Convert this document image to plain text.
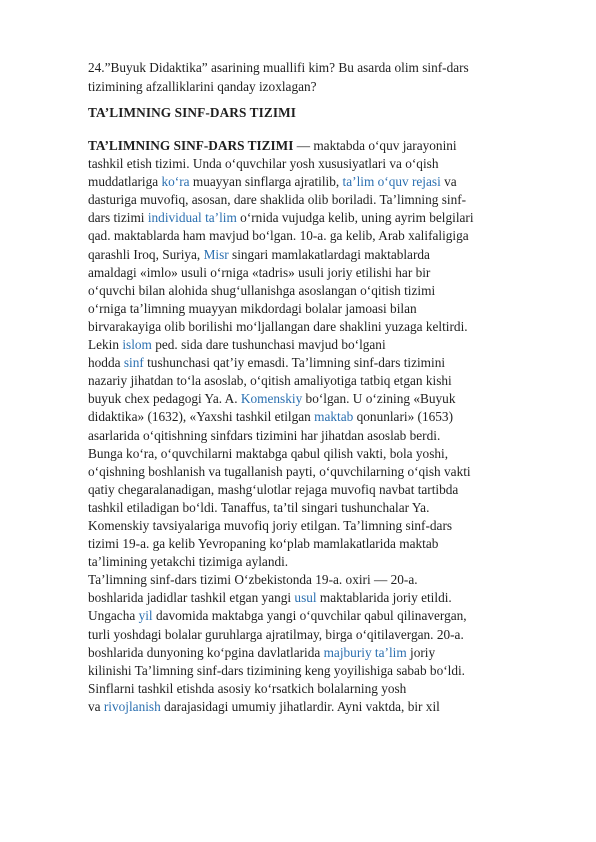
24.”Buyuk Didaktika” asarining muallifi kim? Bu asarda olim sinf-dars
tizimining afzalliklarini qanday izoxlagan?
TA’LIMNING SINF-DARS TIZIMI
TA’LIMNING SINF-DARS TIZIMI — maktabda o‘quv jarayonini
tashkil etish tizimi. Unda o‘quvchilar yosh xususiyatlari va o‘qish
muddatlariga ko‘ra muayyan sinflarga ajratilib, ta’lim o‘quv rejasi va
dasturiga muvofiq, asosan, dare shaklida olib boriladi. Ta’limning sinf-
dars tizimi individual ta’lim o‘rnida vujudga kelib, uning ayrim belgilari
qad. maktablarda ham mavjud bo‘lgan. 10-a. ga kelib, Arab xalifaligiga
qarashli Iroq, Suriya, Misr singari mamlakatlardagi maktablarda
amaldagi «imlo» usuli o‘rniga «tadris» usuli joriy etilishi har bir
o‘quvchi bilan alohida shug‘ullanishga asoslangan o‘qitish tizimi
o‘rniga ta’limning muayyan mikdordagi bolalar jamoasi bilan
birvarakayiga olib borilishi mo‘ljallangan dare shaklini yuzaga keltirdi.
Lekin islom ped. sida dare tushunchasi mavjud bo‘lgani
hodda sinf tushunchasi qat’iy emasdi. Ta’limning sinf-dars tizimini
nazariy jihatdan to‘la asoslab, o‘qitish amaliyotiga tatbiq etgan kishi
buyuk chex pedagogi Ya. A. Komenskiy bo‘lgan. U o‘zining «Buyuk
didaktika» (1632), «Yaxshi tashkil etilgan maktab qonunlari» (1653)
asarlarida o‘qitishning sinfdars tizimini har jihatdan asoslab berdi.
Bunga ko‘ra, o‘quvchilarni maktabga qabul qilish vakti, bola yoshi,
o‘qishning boshlanish va tugallanish payti, o‘quvchilarning o‘qish vakti
qatiy chegaralanadigan, mashg‘ulotlar rejaga muvofiq navbat tartibda
tashkil etiladigan bo‘ldi. Tanaffus, ta’til singari tushunchalar Ya.
Komenskiy tavsiyalariga muvofiq joriy etilgan. Ta’limning sinf-dars
tizimi 19-a. ga kelib Yevropaning ko‘plab mamlakatlarida maktab
ta’limining yetakchi tizimiga aylandi.
Ta’limning sinf-dars tizimi O‘zbekistonda 19-a. oxiri — 20-a.
boshlarida jadidlar tashkil etgan yangi usul maktablarida joriy etildi.
Ungacha yil davomida maktabga yangi o‘quvchilar qabul qilinavergan,
turli yoshdagi bolalar guruhlarga ajratilmay, birga o‘qitilavergan. 20-a.
boshlarida dunyoning ko‘pgina davlatlarida majburiy ta’lim joriy
kilinishi Ta’limning sinf-dars tizimining keng yoyilishiga sabab bo‘ldi.
Sinflarni tashkil etishda asosiy ko‘rsatkich bolalarning yosh
va rivojlanish darajasidagi umumiy jihatlardir. Ayni vaktda, bir xil
